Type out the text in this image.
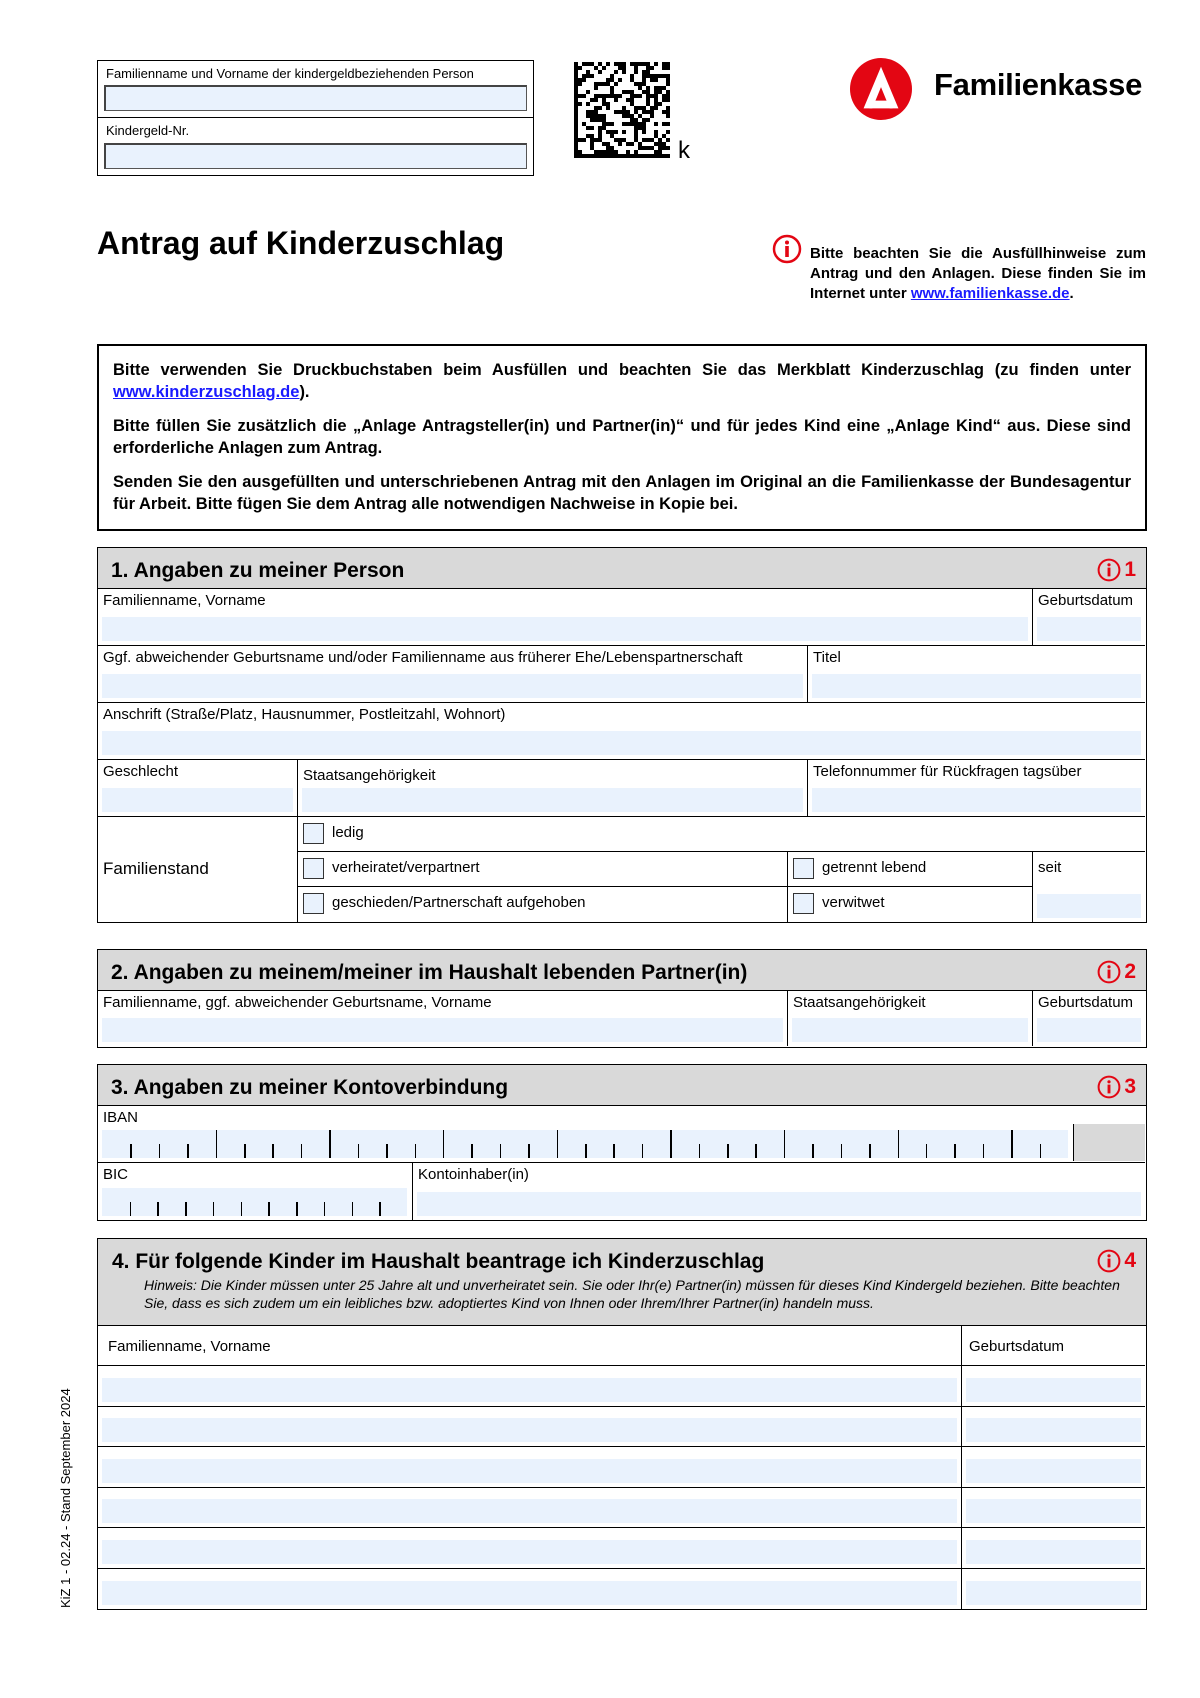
Familienname und Vorname der kindergeldbeziehenden Person
Kindergeld-Nr.
k
Familienkasse
Antrag auf Kinderzuschlag	Bitte beachten Sie die Ausfüllhinweise zum Antrag und den Anlagen. Diese finden Sie im Internet unter www.familienkasse.de.

Bitte verwenden Sie Druckbuchstaben beim Ausfüllen und beachten Sie das Merkblatt Kinderzuschlag (zu finden unter www.kinderzuschlag.de).

Bitte füllen Sie zusätzlich die „Anlage Antragsteller(in) und Partner(in)“ und für jedes Kind eine „Anlage Kind“ aus. Diese sind erforderliche Anlagen zum Antrag.

Senden Sie den ausgefüllten und unterschriebenen Antrag mit den Anlagen im Original an die Familienkasse der Bundesagentur für Arbeit. Bitte fügen Sie dem Antrag alle notwendigen Nachweise in Kopie bei.

1. Angaben zu meiner Person	1
Familienname, Vorname	Geburtsdatum
Ggf. abweichender Geburtsname und/oder Familienname aus früherer Ehe/Lebenspartnerschaft	Titel
Anschrift (Straße/Platz, Hausnummer, Postleitzahl, Wohnort)
Geschlecht	Staatsangehörigkeit	Telefonnummer für Rückfragen tagsüber
Familienstand
ledig
verheiratet/verpartnert	getrennt lebend	seit
geschieden/Partnerschaft aufgehoben	verwitwet
2. Angaben zu meinem/meiner im Haushalt lebenden Partner(in)	2
Familienname, ggf. abweichender Geburtsname, Vorname	Staatsangehörigkeit	Geburtsdatum
3. Angaben zu meiner Kontoverbindung	3
IBAN
BIC	Kontoinhaber(in)
4. Für folgende Kinder im Haushalt beantrage ich Kinderzuschlag	4
Hinweis: Die Kinder müssen unter 25 Jahre alt und unverheiratet sein. Sie oder Ihr(e) Partner(in) müssen für dieses Kind Kindergeld beziehen. Bitte beachten Sie, dass es sich zudem um ein leibliches bzw. adoptiertes Kind von Ihnen oder Ihrem/Ihrer Partner(in) handeln muss.
Familienname, Vorname	Geburtsdatum
KiZ 1 - 02.24 - Stand September 2024
